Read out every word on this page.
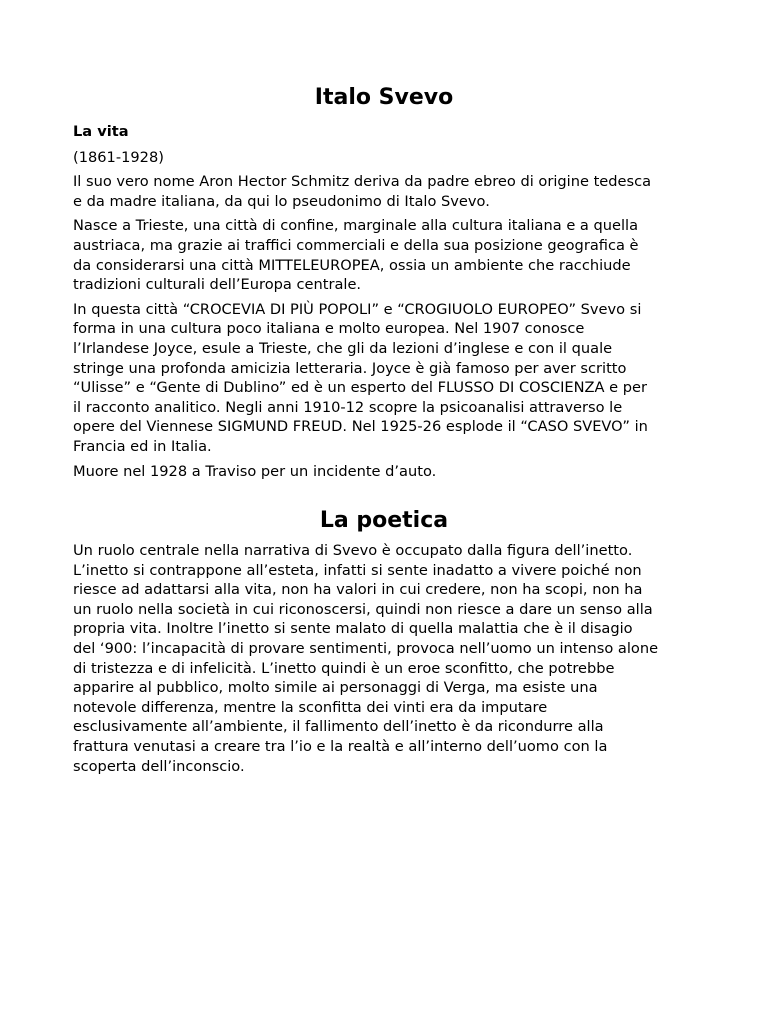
Italo Svevo
La vita

(1861-1928)

Il suo vero nome Aron Hector Schmitz deriva da padre ebreo di origine tedesca
e da madre italiana, da qui lo pseudonimo di Italo Svevo.

Nasce a Trieste, una città di confine, marginale alla cultura italiana e a quella
austriaca, ma grazie ai traffici commerciali e della sua posizione geografica è
da considerarsi una città MITTELEUROPEA, ossia un ambiente che racchiude
tradizioni culturali dell’Europa centrale.

In questa città “CROCEVIA DI PIÙ POPOLI” e “CROGIUOLO EUROPEO” Svevo si
forma in una cultura poco italiana e molto europea. Nel 1907 conosce
l’Irlandese Joyce, esule a Trieste, che gli da lezioni d’inglese e con il quale
stringe una profonda amicizia letteraria. Joyce è già famoso per aver scritto
“Ulisse” e “Gente di Dublino” ed è un esperto del FLUSSO DI COSCIENZA e per
il racconto analitico. Negli anni 1910-12 scopre la psicoanalisi attraverso le
opere del Viennese SIGMUND FREUD. Nel 1925-26 esplode il “CASO SVEVO” in
Francia ed in Italia.

Muore nel 1928 a Traviso per un incidente d’auto.

La poetica

Un ruolo centrale nella narrativa di Svevo è occupato dalla figura dell’inetto.
L’inetto si contrappone all’esteta, infatti si sente inadatto a vivere poiché non
riesce ad adattarsi alla vita, non ha valori in cui credere, non ha scopi, non ha
un ruolo nella società in cui riconoscersi, quindi non riesce a dare un senso alla
propria vita. Inoltre l’inetto si sente malato di quella malattia che è il disagio
del ‘900: l’incapacità di provare sentimenti, provoca nell’uomo un intenso alone
di tristezza e di infelicità. L’inetto quindi è un eroe sconfitto, che potrebbe
apparire al pubblico, molto simile ai personaggi di Verga, ma esiste una
notevole differenza, mentre la sconfitta dei vinti era da imputare
esclusivamente all’ambiente, il fallimento dell’inetto è da ricondurre alla
frattura venutasi a creare tra l’io e la realtà e all’interno dell’uomo con la
scoperta dell’inconscio.
